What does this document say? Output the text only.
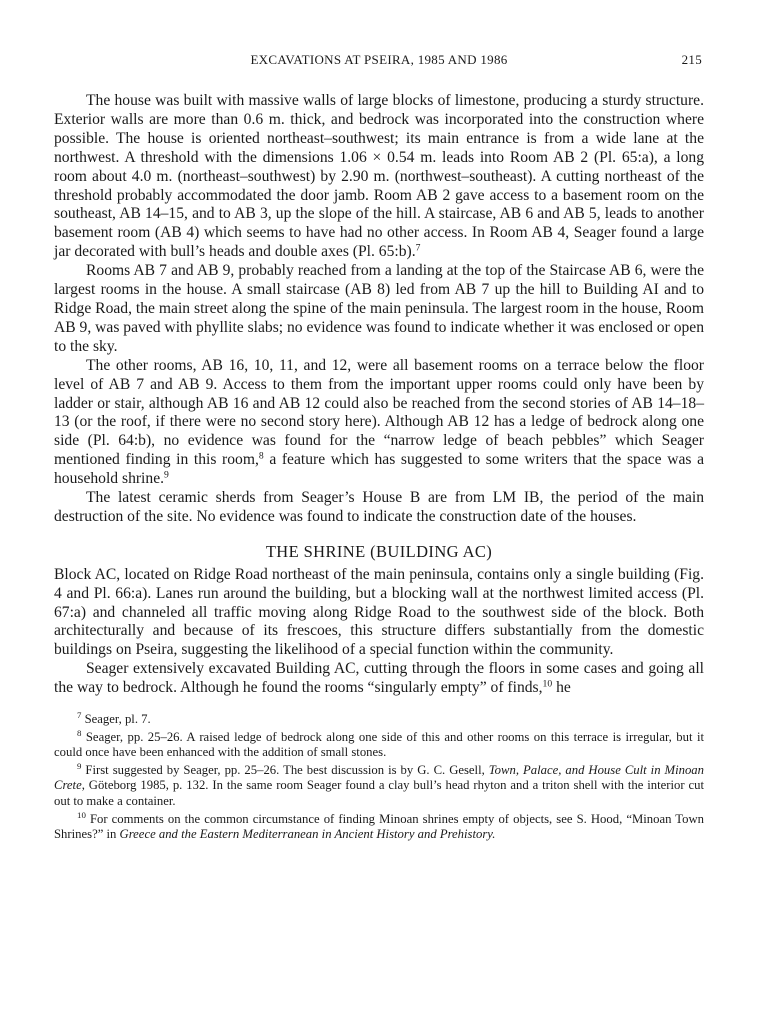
EXCAVATIONS AT PSEIRA, 1985 AND 1986	215

The house was built with massive walls of large blocks of limestone, producing a sturdy structure. Exterior walls are more than 0.6 m. thick, and bedrock was incorporated into the construction where possible. The house is oriented northeast–southwest; its main entrance is from a wide lane at the northwest. A threshold with the dimensions 1.06 × 0.54 m. leads into Room AB 2 (Pl. 65:a), a long room about 4.0 m. (northeast–southwest) by 2.90 m. (northwest–southeast). A cutting northeast of the threshold probably accommodated the door jamb. Room AB 2 gave access to a basement room on the southeast, AB 14–15, and to AB 3, up the slope of the hill. A staircase, AB 6 and AB 5, leads to another basement room (AB 4) which seems to have had no other access. In Room AB 4, Seager found a large jar decorated with bull’s heads and double axes (Pl. 65:b).$^7$

Rooms AB 7 and AB 9, probably reached from a landing at the top of the Staircase AB 6, were the largest rooms in the house. A small staircase (AB 8) led from AB 7 up the hill to Building AI and to Ridge Road, the main street along the spine of the main peninsula. The largest room in the house, Room AB 9, was paved with phyllite slabs; no evidence was found to indicate whether it was enclosed or open to the sky.

The other rooms, AB 16, 10, 11, and 12, were all basement rooms on a terrace below the floor level of AB 7 and AB 9. Access to them from the important upper rooms could only have been by ladder or stair, although AB 16 and AB 12 could also be reached from the second stories of AB 14–18–13 (or the roof, if there were no second story here). Although AB 12 has a ledge of bedrock along one side (Pl. 64:b), no evidence was found for the “narrow ledge of beach pebbles” which Seager mentioned finding in this room,$^8$ a feature which has suggested to some writers that the space was a household shrine.$^9$

The latest ceramic sherds from Seager’s House B are from LM IB, the period of the main destruction of the site. No evidence was found to indicate the construction date of the houses.

THE SHRINE (BUILDING AC)

Block AC, located on Ridge Road northeast of the main peninsula, contains only a single building (Fig. 4 and Pl. 66:a). Lanes run around the building, but a blocking wall at the northwest limited access (Pl. 67:a) and channeled all traffic moving along Ridge Road to the southwest side of the block. Both architecturally and because of its frescoes, this structure differs substantially from the domestic buildings on Pseira, suggesting the likelihood of a special function within the community.

Seager extensively excavated Building AC, cutting through the floors in some cases and going all the way to bedrock. Although he found the rooms “singularly empty” of finds,$^{10}$ he

$^7$ Seager, pl. 7.

$^8$ Seager, pp. 25–26. A raised ledge of bedrock along one side of this and other rooms on this terrace is irregular, but it could once have been enhanced with the addition of small stones.

$^9$ First suggested by Seager, pp. 25–26. The best discussion is by G. C. Gesell, Town, Palace, and House Cult in Minoan Crete, Göteborg 1985, p. 132. In the same room Seager found a clay bull’s head rhyton and a triton shell with the interior cut out to make a container.

$^{10}$ For comments on the common circumstance of finding Minoan shrines empty of objects, see S. Hood, “Minoan Town Shrines?” in Greece and the Eastern Mediterranean in Ancient History and Prehistory.
